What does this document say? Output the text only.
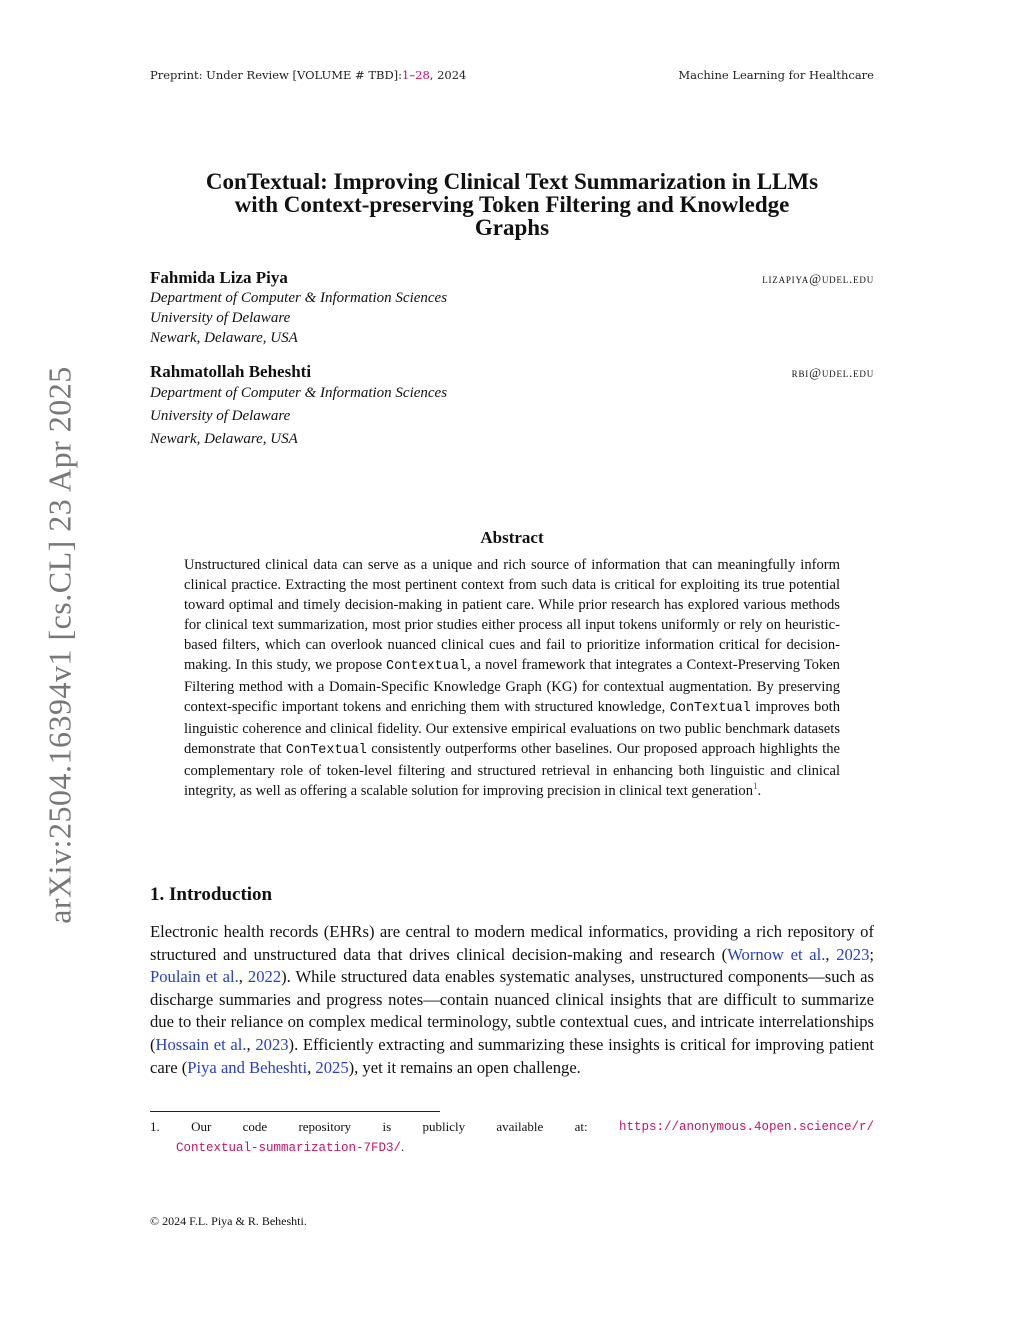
Preprint: Under Review [VOLUME # TBD]:1–28, 2024	Machine Learning for Healthcare
arXiv:2504.16394v1 [cs.CL] 23 Apr 2025
ConTextual: Improving Clinical Text Summarization in LLMs
with Context-preserving Token Filtering and Knowledge
Graphs
Fahmida Liza Piya	lizapiya@udel.edu
Department of Computer & Information Sciences
University of Delaware
Newark, Delaware, USA
Rahmatollah Beheshti	rbi@udel.edu
Department of Computer & Information Sciences
University of Delaware
Newark, Delaware, USA
Abstract
Unstructured clinical data can serve as a unique and rich source of information that can meaningfully inform clinical practice. Extracting the most pertinent context from such data is critical for exploiting its true potential toward optimal and timely decision-making in patient care. While prior research has explored various methods for clinical text summarization, most prior studies either process all input tokens uniformly or rely on heuristic-based filters, which can overlook nuanced clinical cues and fail to prioritize information critical for decision-making. In this study, we propose Contextual, a novel framework that integrates a Context-Preserving Token Filtering method with a Domain-Specific Knowledge Graph (KG) for contextual augmentation. By preserving context-specific important tokens and enriching them with structured knowledge, ConTextual improves both linguistic coherence and clinical fidelity. Our extensive empirical evaluations on two public benchmark datasets demonstrate that ConTextual consistently outperforms other baselines. Our proposed approach highlights the complementary role of token-level filtering and structured retrieval in enhancing both linguistic and clinical integrity, as well as offering a scalable solution for improving precision in clinical text generation$^1$.
1. Introduction
Electronic health records (EHRs) are central to modern medical informatics, providing a rich repository of structured and unstructured data that drives clinical decision-making and research (Wornow et al., 2023; Poulain et al., 2022). While structured data enables systematic analyses, unstructured components—such as discharge summaries and progress notes—contain nuanced clinical insights that are difficult to summarize due to their reliance on complex medical terminology, subtle contextual cues, and intricate interrelationships (Hossain et al., 2023). Efficiently extracting and summarizing these insights is critical for improving patient care (Piya and Beheshti, 2025), yet it remains an open challenge.
1. Our code repository is publicly available at:	https://anonymous.4open.science/r/
Contextual-summarization-7FD3/.
© 2024 F.L. Piya & R. Beheshti.
